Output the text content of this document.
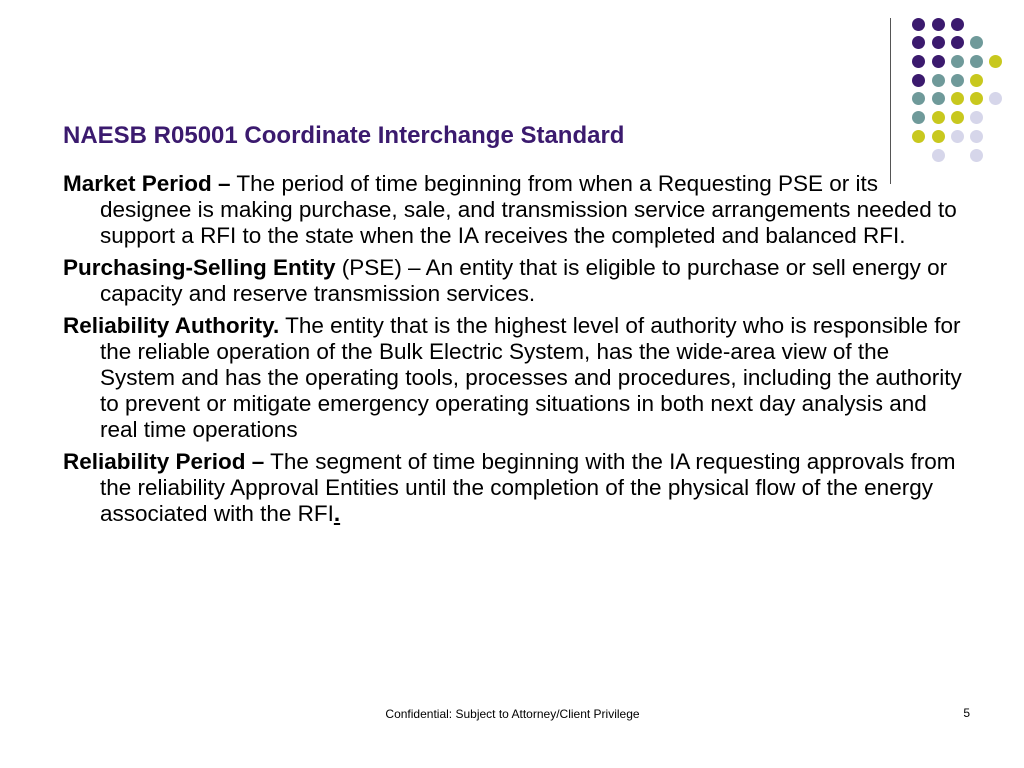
NAESB R05001 Coordinate Interchange Standard

Market Period – The period of time beginning from when a Requesting PSE or its designee is making purchase, sale, and transmission service arrangements needed to support a RFI to the state when the IA receives the completed and balanced RFI.

Purchasing-Selling Entity (PSE) – An entity that is eligible to purchase or sell energy or capacity and reserve transmission services.

Reliability Authority. The entity that is the highest level of authority who is responsible for the reliable operation of the Bulk Electric System, has the wide-area view of the System and has the operating tools, processes and procedures, including the authority to prevent or mitigate emergency operating situations in both next day analysis and real time operations

Reliability Period – The segment of time beginning with the IA requesting approvals from the reliability Approval Entities until the completion of the physical flow of the energy associated with the RFI.

Confidential: Subject to Attorney/Client Privilege	5
